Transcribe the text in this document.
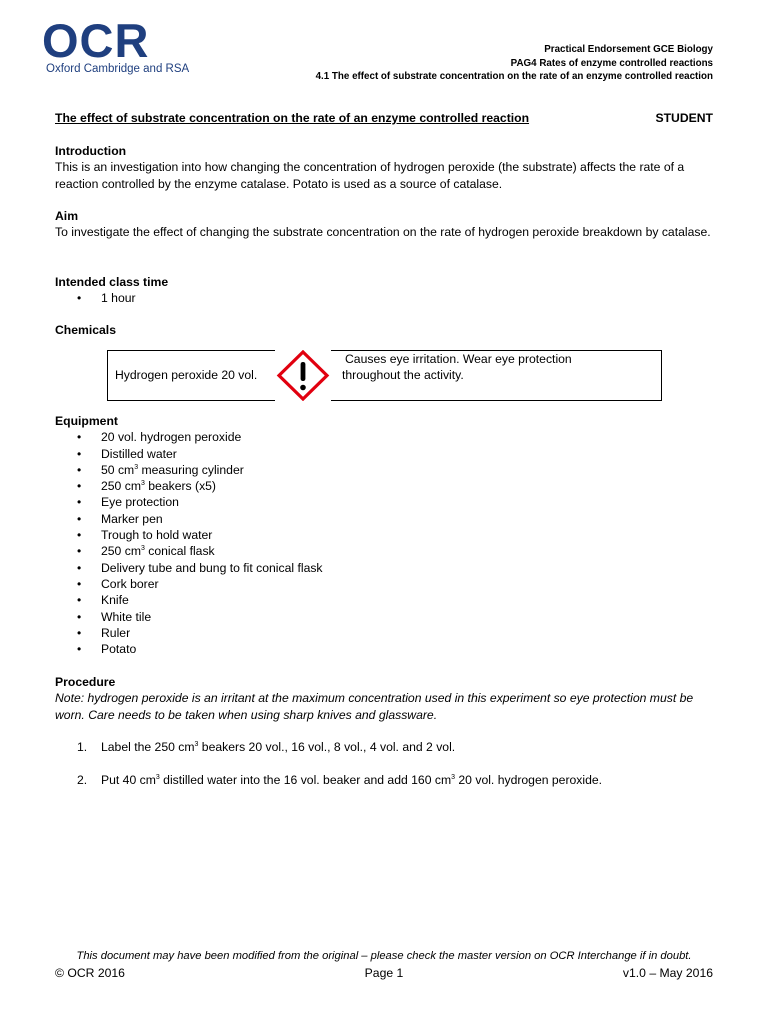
OCR
Oxford Cambridge and RSA
Practical Endorsement GCE Biology
PAG4 Rates of enzyme controlled reactions
4.1 The effect of substrate concentration on the rate of an enzyme controlled reaction
The effect of substrate concentration on the rate of an enzyme controlled reaction	STUDENT
Introduction
This is an investigation into how changing the concentration of hydrogen peroxide (the substrate) affects the rate of a reaction controlled by the enzyme catalase. Potato is used as a source of catalase.
Aim
To investigate the effect of changing the substrate concentration on the rate of hydrogen peroxide breakdown by catalase.
Intended class time
• 1 hour
Chemicals
Hydrogen peroxide 20 vol.
Causes eye irritation. Wear eye protection
throughout the activity.
Equipment
• 20 vol. hydrogen peroxide
• Distilled water
• 50 $cm^3$ measuring cylinder
• 250 $cm^3$ beakers (x5)
• Eye protection
• Marker pen
• Trough to hold water
• 250 $cm^3$ conical flask
• Delivery tube and bung to fit conical flask
• Cork borer
• Knife
• White tile
• Ruler
• Potato
Procedure
Note: hydrogen peroxide is an irritant at the maximum concentration used in this experiment so eye protection must be worn. Care needs to be taken when using sharp knives and glassware.
1. Label the 250 $cm^3$ beakers 20 vol., 16 vol., 8 vol., 4 vol. and 2 vol.
2. Put 40 $cm^3$ distilled water into the 16 vol. beaker and add 160 $cm^3$ 20 vol. hydrogen peroxide.
This document may have been modified from the original – please check the master version on OCR Interchange if in doubt.
© OCR 2016	Page 1	v1.0 – May 2016
